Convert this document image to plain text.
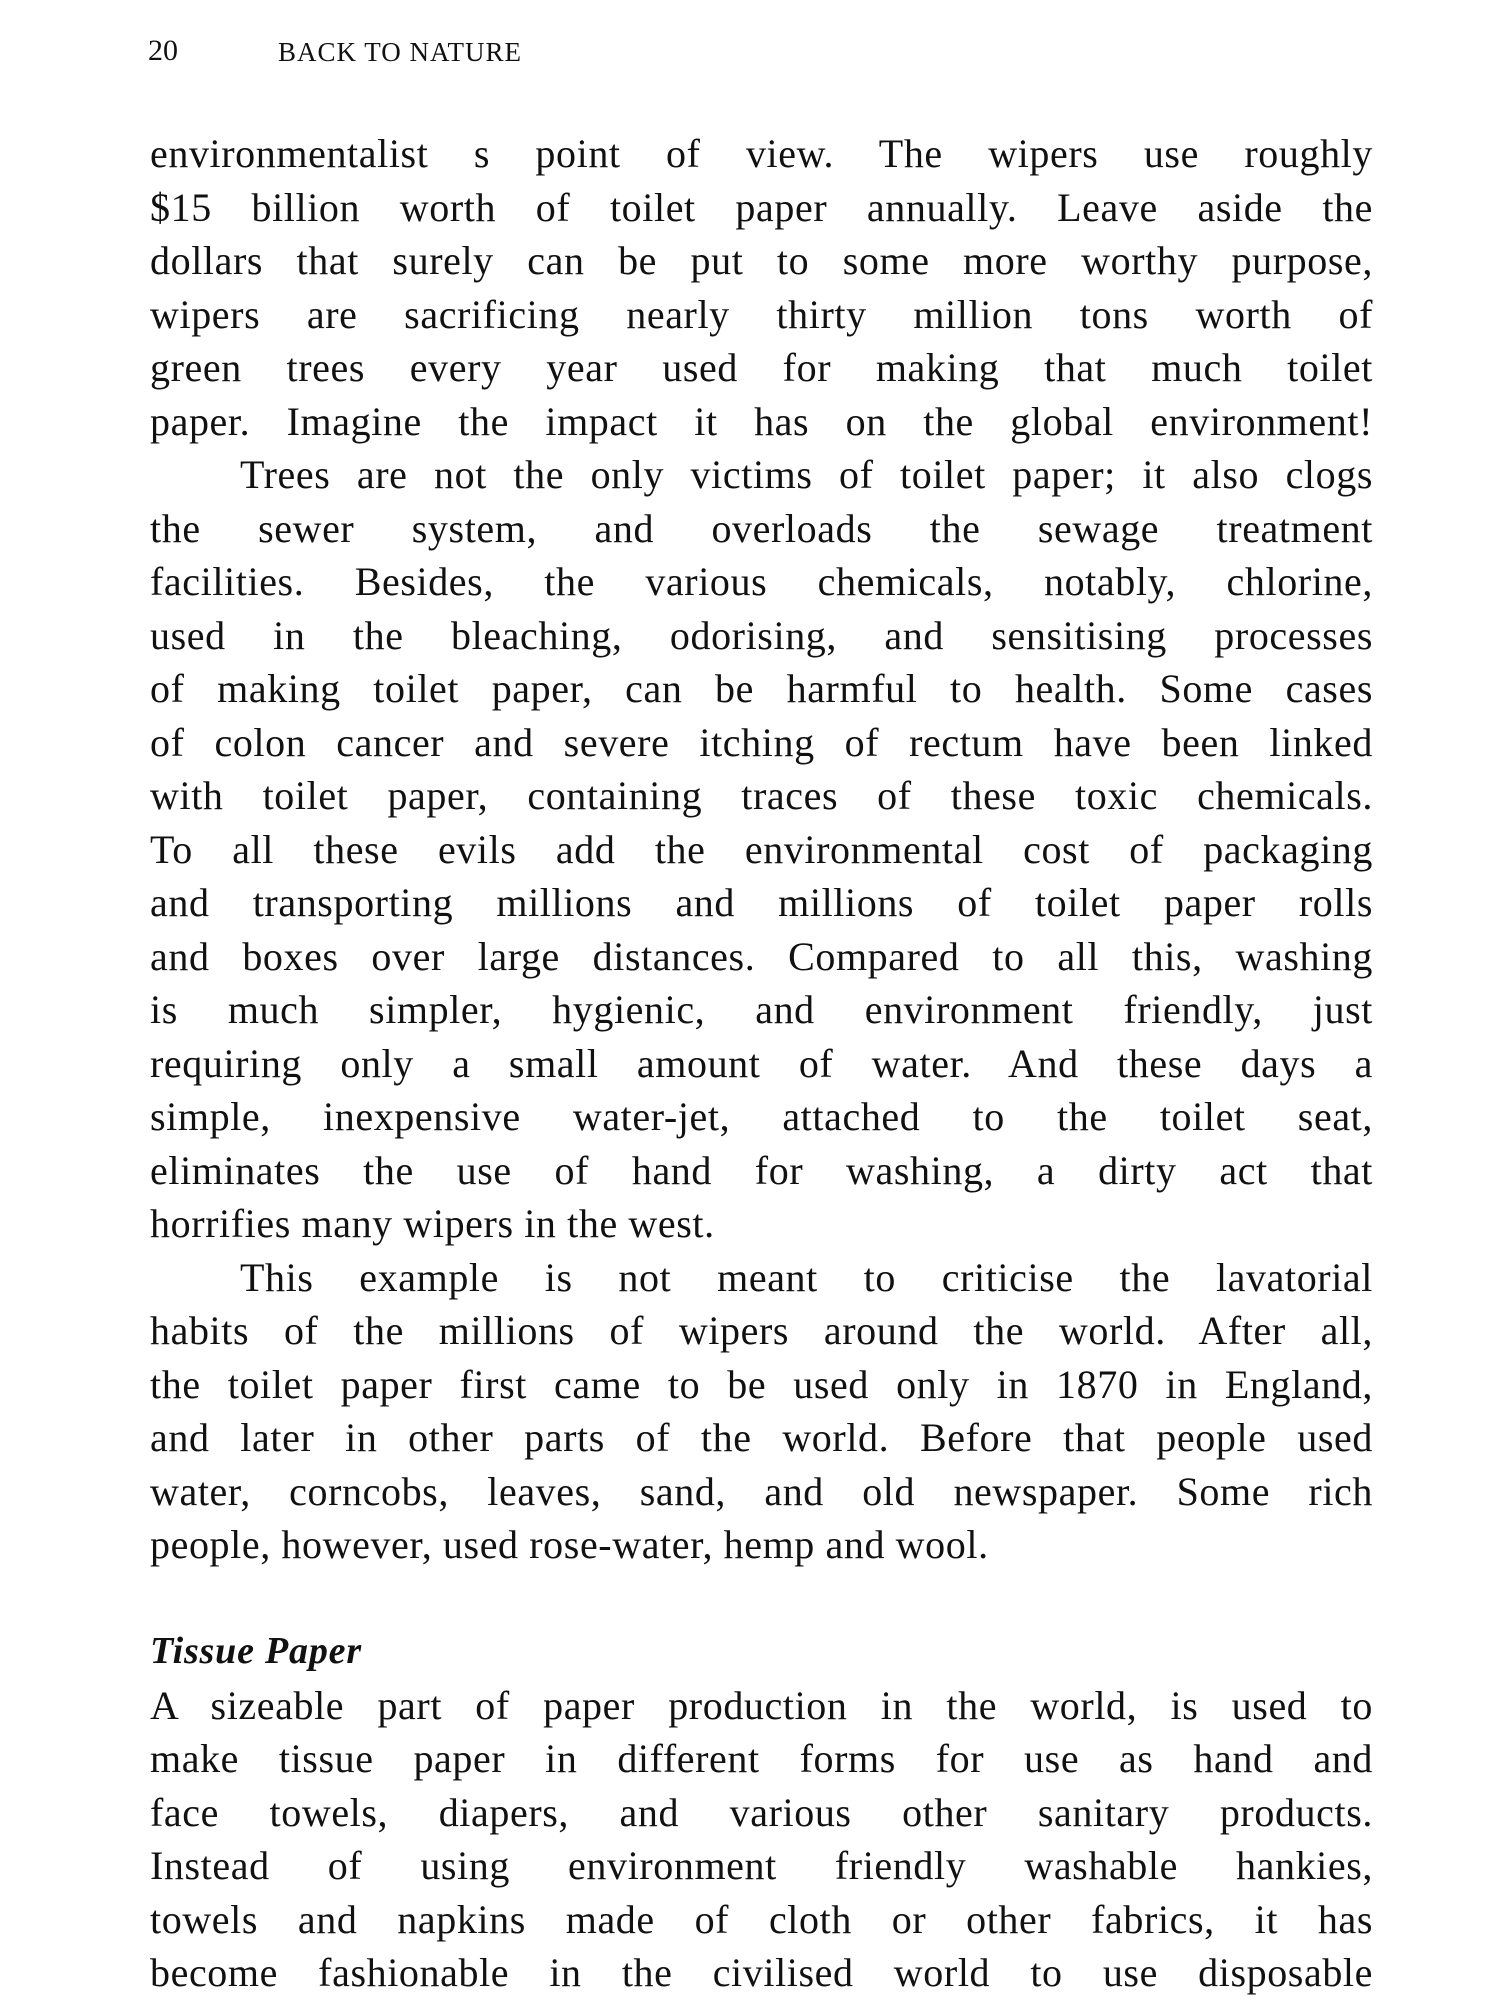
20	BACK TO NATURE
environmentalist s point of view. The wipers use roughly
$15 billion worth of toilet paper annually. Leave aside the
dollars that surely can be put to some more worthy purpose,
wipers are sacrificing nearly thirty million tons worth of
green trees every year used for making that much toilet
paper. Imagine the impact it has on the global environment!
Trees are not the only victims of toilet paper; it also clogs
the sewer system, and overloads the sewage treatment
facilities. Besides, the various chemicals, notably, chlorine,
used in the bleaching, odorising, and sensitising processes
of making toilet paper, can be harmful to health. Some cases
of colon cancer and severe itching of rectum have been linked
with toilet paper, containing traces of these toxic chemicals.
To all these evils add the environmental cost of packaging
and transporting millions and millions of toilet paper rolls
and boxes over large distances. Compared to all this, washing
is much simpler, hygienic, and environment friendly, just
requiring only a small amount of water. And these days a
simple, inexpensive water-jet, attached to the toilet seat,
eliminates the use of hand for washing, a dirty act that
horrifies many wipers in the west.
This example is not meant to criticise the lavatorial
habits of the millions of wipers around the world. After all,
the toilet paper first came to be used only in 1870 in England,
and later in other parts of the world. Before that people used
water, corncobs, leaves, sand, and old newspaper. Some rich
people, however, used rose-water, hemp and wool.
Tissue Paper
A sizeable part of paper production in the world, is used to
make tissue paper in different forms for use as hand and
face towels, diapers, and various other sanitary products.
Instead of using environment friendly washable hankies,
towels and napkins made of cloth or other fabrics, it has
become fashionable in the civilised world to use disposable
